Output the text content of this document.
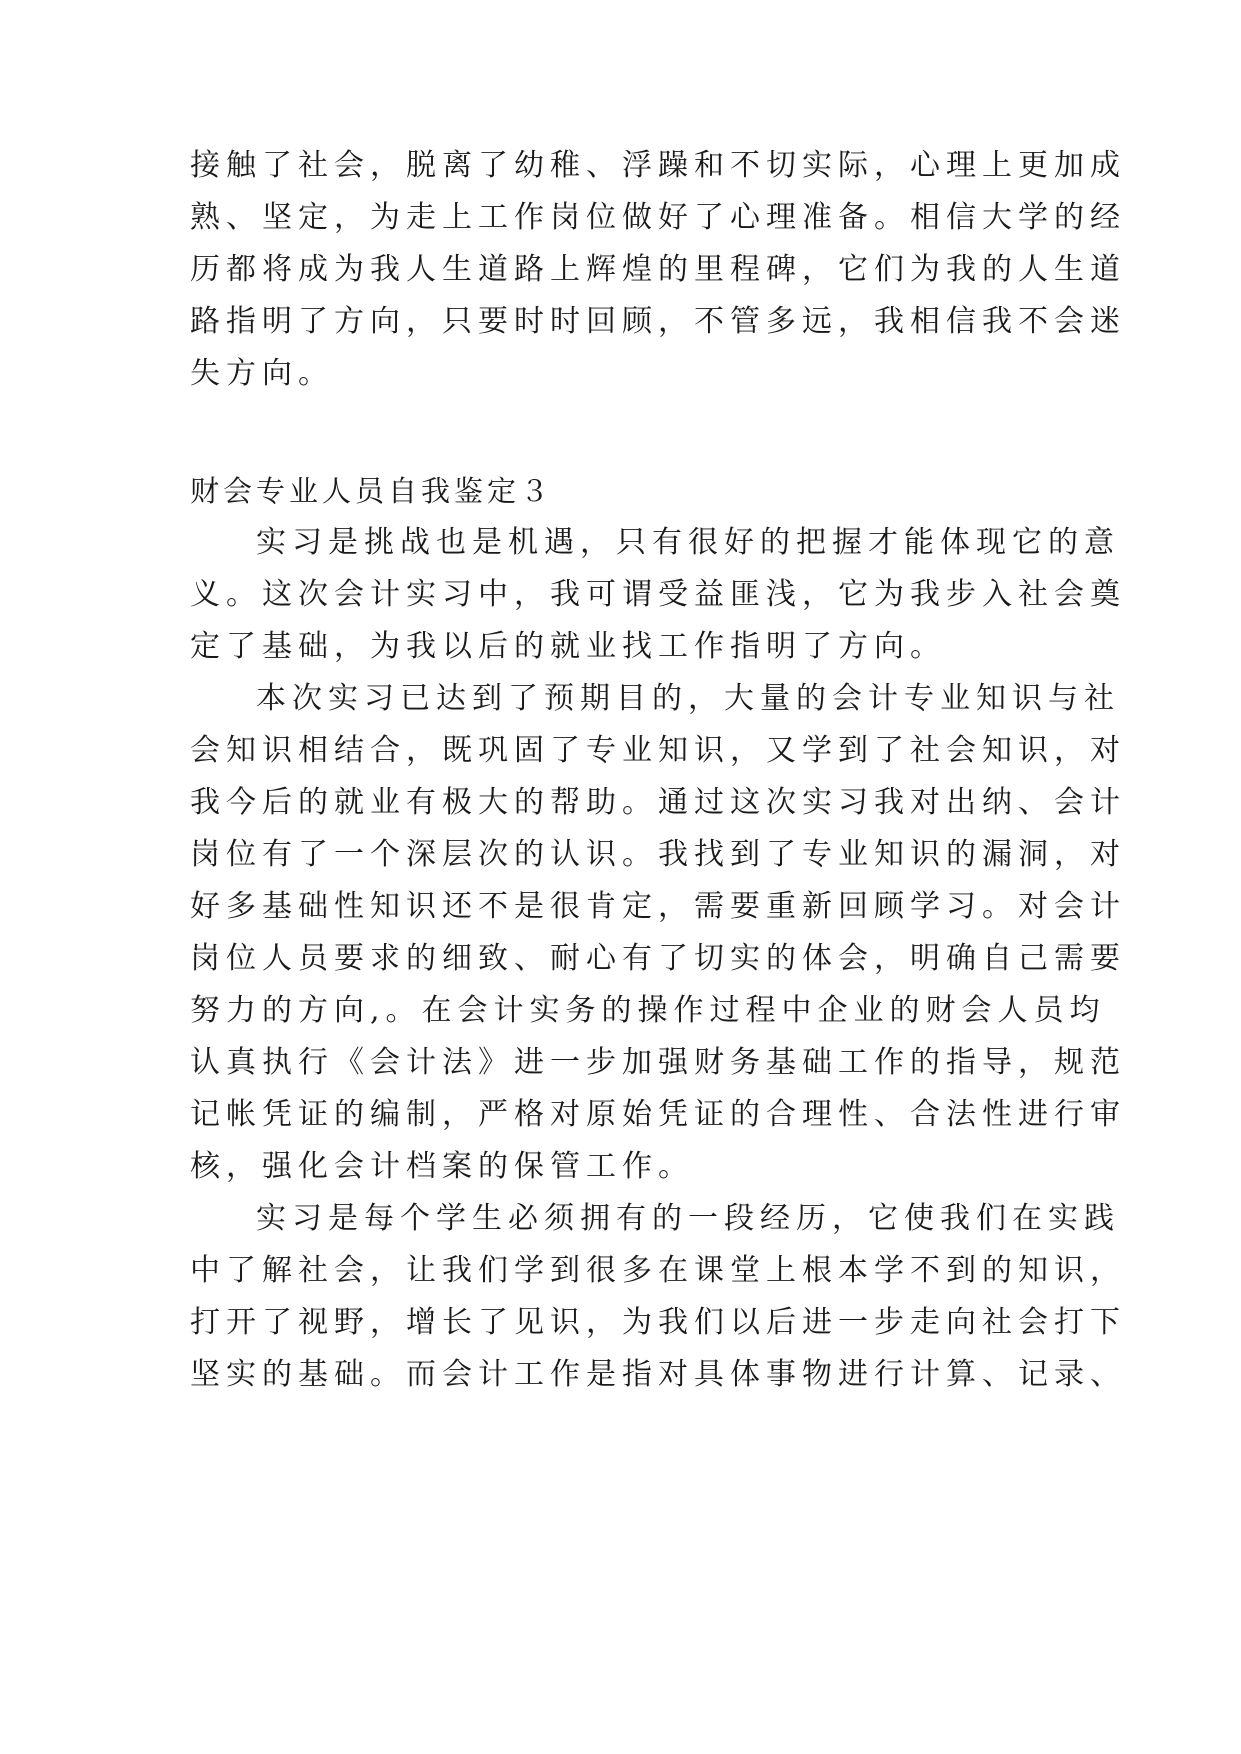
接触了社会，脱离了幼稚、浮躁和不切实际，心理上更加成
熟、坚定，为走上工作岗位做好了心理准备。相信大学的经
历都将成为我人生道路上辉煌的里程碑，它们为我的人生道
路指明了方向，只要时时回顾，不管多远，我相信我不会迷
失方向。
财会专业人员自我鉴定３
实习是挑战也是机遇，只有很好的把握才能体现它的意
义。这次会计实习中，我可谓受益匪浅，它为我步入社会奠
定了基础，为我以后的就业找工作指明了方向。
本次实习已达到了预期目的，大量的会计专业知识与社
会知识相结合，既巩固了专业知识，又学到了社会知识，对
我今后的就业有极大的帮助。通过这次实习我对出纳、会计
岗位有了一个深层次的认识。我找到了专业知识的漏洞，对
好多基础性知识还不是很肯定，需要重新回顾学习。对会计
岗位人员要求的细致、耐心有了切实的体会，明确自己需要
努力的方向,。在会计实务的操作过程中企业的财会人员均
认真执行《会计法》进一步加强财务基础工作的指导，规范
记帐凭证的编制，严格对原始凭证的合理性、合法性进行审
核，强化会计档案的保管工作。
实习是每个学生必须拥有的一段经历，它使我们在实践
中了解社会，让我们学到很多在课堂上根本学不到的知识，
打开了视野，增长了见识，为我们以后进一步走向社会打下
坚实的基础。而会计工作是指对具体事物进行计算、记录、
